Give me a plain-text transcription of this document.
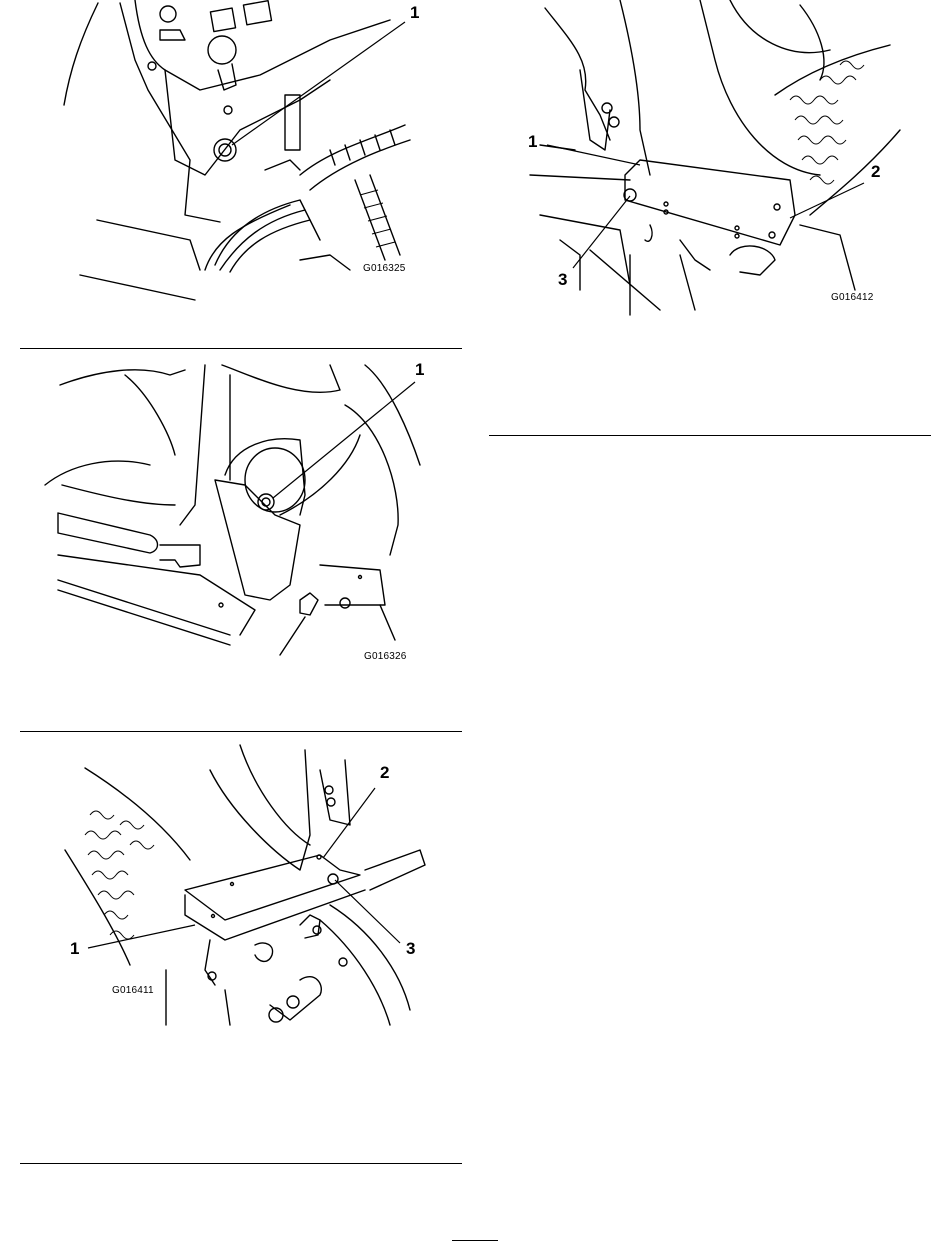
1
G016325
1
G016326
2
1	3
G016411
1
2
3
G016412
